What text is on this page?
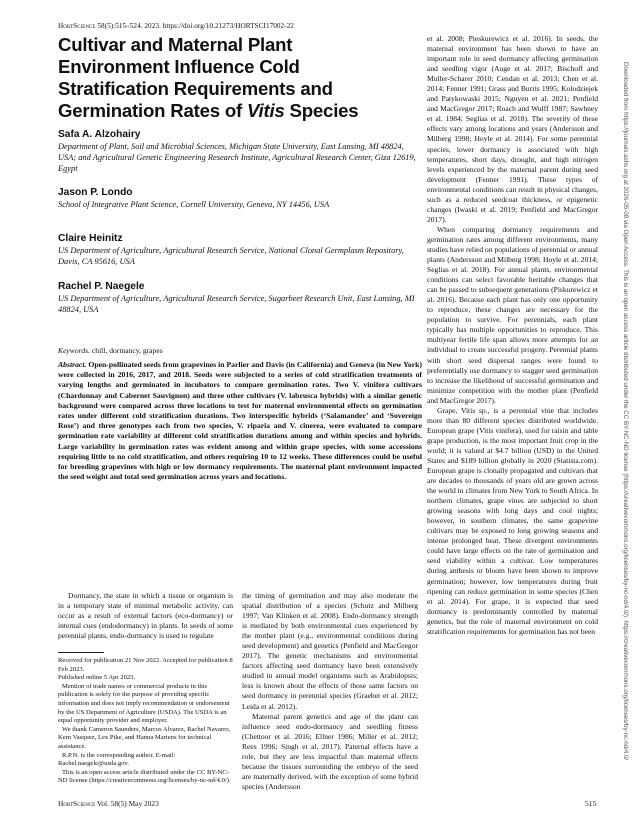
HortScience 58(5):515–524. 2023. https://doi.org/10.21273/HORTSCI17002-22
Cultivar and Maternal Plant Environment Influence Cold Stratification Requirements and Germination Rates of Vitis Species
Safa A. Alzohairy
Department of Plant, Soil and Microbial Sciences, Michigan State University, East Lansing, MI 48824, USA; and Agricultural Genetic Engineering Research Institute, Agricultural Research Center, Giza 12619, Egypt
Jason P. Londo
School of Integrative Plant Science, Cornell University, Geneva, NY 14456, USA
Claire Heinitz
US Department of Agriculture, Agricultural Research Service, National Clonal Germplasm Repository, Davis, CA 95616, USA
Rachel P. Naegele
US Department of Agriculture, Agricultural Research Service, Sugarbeet Research Unit, East Lansing, MI 48824, USA
Keywords. chill, dormancy, grapes
Abstract. Open-pollinated seeds from grapevines in Parlier and Davis (in California) and Geneva (in New York) were collected in 2016, 2017, and 2018. Seeds were subjected to a series of cold stratification treatments of varying lengths and germinated in incubators to compare germination rates. Two V. vinifera cultivars (Chardonnay and Cabernet Sauvignon) and three other cultivars (V. labrusca hybrids) with a similar genetic background were compared across three locations to test for maternal environmental effects on germination rates under different cold stratification durations. Two interspecific hybrids (‘Salamander’ and ‘Sovereign Rose’) and three genotypes each from two species, V. riparia and V. cinerea, were evaluated to compare germination rate variability at different cold stratification durations among and within species and hybrids. Large variability in germination rates was evident among and within grape species, with some accessions requiring little to no cold stratification, and others requiring 10 to 12 weeks. These differences could be useful for breeding grapevines with high or low dormancy requirements. The maternal plant environment impacted the seed weight and total seed germination across years and locations.

Dormancy, the state in which a tissue or organism is in a temporary state of minimal metabolic activity, can occur as a result of external factors (eco-dormancy) or internal cues (endodormancy) in plants. In seeds of some perennial plants, endo-dormancy is used to regulate

Received for publication 21 Nov 2022. Accepted for publication 8 Feb 2023.

Published online 5 Apr 2023.

Mention of trade names or commercial products in this publication is solely for the purpose of providing specific information and does not imply recommendation or endorsement by the US Department of Agriculture (USDA). The USDA is an equal opportunity provider and employer.

We thank Cameron Saunders, Marcos Alvarez, Rachel Navarro, Kern Vasquez, Lex Pike, and Hanna Martens for technical assistance.

R.P.N. is the corresponding author. E-mail: Rachel.naegele@usda.gov.

This is an open access article distributed under the CC BY-NC-ND license (https://creativecommons.org/licenses/by-nc-nd/4.0/).

the timing of germination and may also moderate the spatial distribution of a species (Schutz and Milberg 1997; Van Klinken et al. 2008). Endo-dormancy strength is mediated by both environmental cues experienced by the mother plant (e.g., environmental conditions during seed development) and genetics (Penfield and MacGregor 2017). The genetic mechanisms and environmental factors affecting seed dormancy have been extensively studied in annual model organisms such as Arabidopsis; less is known about the effects of those same factors on seed dormancy in perennial species (Graeber et al. 2012; Leida et al. 2012).

Maternal parent genetics and age of the plant can influence seed endo-dormancy and seedling fitness (Chettoor et al. 2016; Ellner 1986; Miller et al. 2012; Rees 1996; Singh et al. 2017). Paternal effects have a role, but they are less impactful than maternal effects because the tissues surrounding the embryo of the seed are maternally derived, with the exception of some hybrid species (Andersson

et al. 2008; Pieskurewicz et al. 2016). In seeds, the maternal environment has been shown to have an important role in seed dormancy affecting germination and seedling vigor (Auge et al. 2017; Bischoff and Muller-Scharer 2010; Cendan et al. 2013; Chen et al. 2014; Fenner 1991; Grass and Burris 1995; Kolodziejek and Patykowaski 2015; Nguyen et al. 2021; Penfield and MacGregor 2017; Roach and Wulff 1987; Sawhney et al. 1984; Seglias et al. 2018). The severity of these effects vary among locations and years (Andersson and Milberg 1998; Hoyle et al. 2014). For some perennial species, lower dormancy is associated with high temperatures, short days, drought, and high nitrogen levels experienced by the maternal parent during seed development (Fenner 1991). These types of environmental conditions can result in physical changes, such as a reduced seedcoat thickness, or epigenetic changes (Iwaski et al. 2019; Penfield and MacGregor 2017).

When comparing dormancy requirements and germination rates among different environments, many studies have relied on populations of perennial or annual plants (Andersson and Milberg 1998; Hoyle et al. 2014; Seglias et al. 2018). For annual plants, environmental conditions can select favorable heritable changes that can be passed to subsequent generations (Piskurewicz et al. 2016). Because each plant has only one opportunity to reproduce, these changes are necessary for the population to survive. For perennials, each plant typically has multiple opportunities to reproduce. This multiyear fertile life span allows more attempts for an individual to create successful progeny. Perennial plants with short seed dispersal ranges were found to preferentially use dormancy to stagger seed germination to increase the likelihood of successful germination and minimize competition with the mother plant (Penfield and MacGregor 2017).

Grape, Vitis sp., is a perennial vine that includes more than 80 different species distributed worldwide. European grape (Vitis vinifera), used for raisin and table grape production, is the most important fruit crop in the world; it is valued at $4.7 billion (USD) in the United States and $189 billion globally in 2020 (Statista.com). European grape is clonally propagated and cultivars that are decades to thousands of years old are grown across the world in climates from New York to South Africa. In northern climates, grape vines are subjected to short growing seasons with long days and cool nights; however, in southern climates, the same grapevine cultivars may be exposed to long growing seasons and intense prolonged heat. These divergent environments could have large effects on the rate of germination and seed viability within a cultivar. Low temperatures during anthesis or bloom have been shown to improve germination; however, low temperatures during fruit ripening can reduce germination in some species (Chen et al. 2014). For grape, it is expected that seed dormancy is predominantly controlled by maternal genetics, but the role of maternal environment on cold stratification requirements for germination has not been

HortScience Vol. 58(5) May 2023	515
Downloaded from https://journals.ashs.org at 2026-05-08 via Open Access. This is an open access article distributed under the CC BY-NC-ND license (https://creativecommons.org/licenses/by-nc-nd/4.0/). https://creativecommons.org/licenses/by-nc-nd/4.0/
